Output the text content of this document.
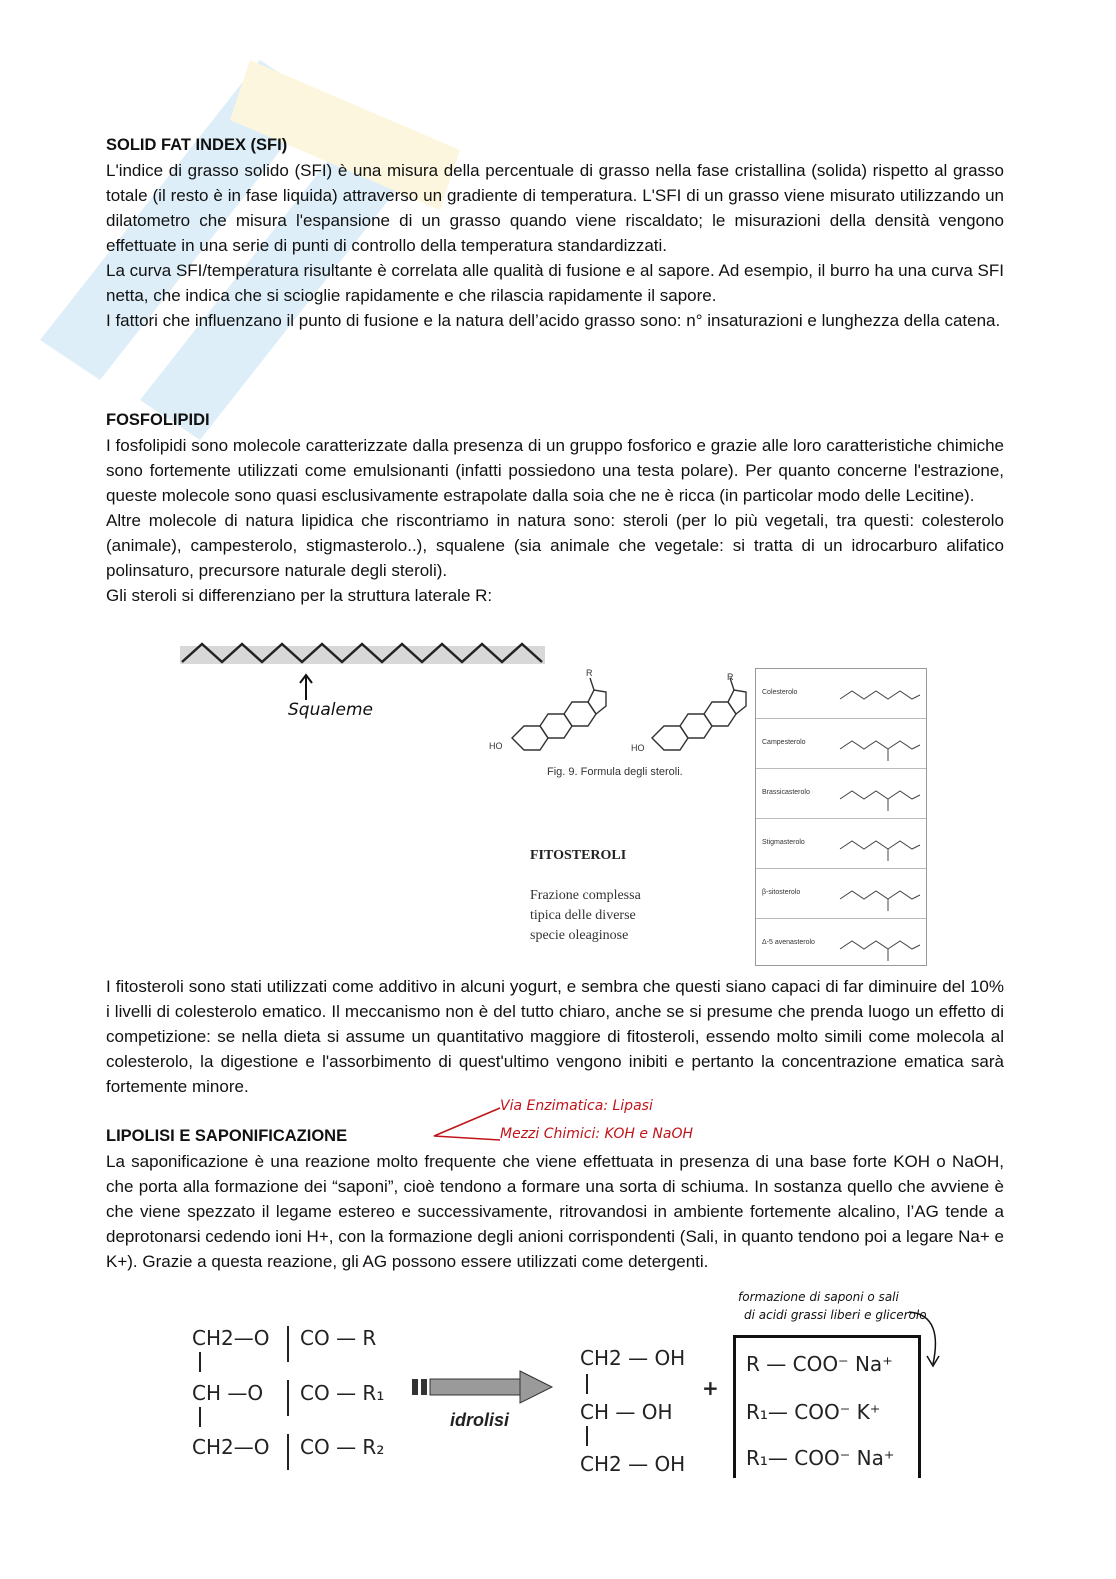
SOLID FAT INDEX (SFI)
L'indice di grasso solido (SFI) è una misura della percentuale di grasso nella fase cristallina (solida) rispetto al grasso totale (il resto è in fase liquida) attraverso un gradiente di temperatura. L'SFI di un grasso viene misurato utilizzando un dilatometro che misura l'espansione di un grasso quando viene riscaldato; le misurazioni della densità vengono effettuate in una serie di punti di controllo della temperatura standardizzati.
La curva SFI/temperatura risultante è correlata alle qualità di fusione e al sapore. Ad esempio, il burro ha una curva SFI netta, che indica che si scioglie rapidamente e che rilascia rapidamente il sapore.
I fattori che influenzano il punto di fusione e la natura dell’acido grasso sono: n° insaturazioni e lunghezza della catena.
FOSFOLIPIDI
I fosfolipidi sono molecole caratterizzate dalla presenza di un gruppo fosforico e grazie alle loro caratteristiche chimiche sono fortemente utilizzati come emulsionanti (infatti possiedono una testa polare). Per quanto concerne l'estrazione, queste molecole sono quasi esclusivamente estrapolate dalla soia che ne è ricca (in particolar modo delle Lecitine).
Altre molecole di natura lipidica che riscontriamo in natura sono: steroli (per lo più vegetali, tra questi: colesterolo (animale), campesterolo, stigmasterolo..), squalene (sia animale che vegetale: si tratta di un idrocarburo alifatico polinsaturo, precursore naturale degli steroli).
Gli steroli si differenziano per la struttura laterale R:
Squaleme
R	R
HO	HO
Fig. 9. Formula degli steroli.
FITOSTEROLI
Frazione complessa
tipica delle diverse
specie oleaginose
Colesterolo
Campesterolo
Brassicasterolo
Stigmasterolo
β-sitosterolo
Δ-5 avenasterolo
I fitosteroli sono stati utilizzati come additivo in alcuni yogurt, e sembra che questi siano capaci di far diminuire del 10% i livelli di colesterolo ematico. Il meccanismo non è del tutto chiaro, anche se si presume che prenda luogo un effetto di competizione: se nella dieta si assume un quantitativo maggiore di fitosteroli, essendo molto simili come molecola al colesterolo, la digestione e l'assorbimento di quest'ultimo vengono inibiti e pertanto la concentrazione ematica sarà fortemente minore.
LIPOLISI E SAPONIFICAZIONE
La saponificazione è una reazione molto frequente che viene effettuata in presenza di una base forte KOH o NaOH, che porta alla formazione dei “saponi”, cioè tendono a formare una sorta di schiuma. In sostanza quello che avviene è che viene spezzato il legame estereo e successivamente, ritrovandosi in ambiente fortemente alcalino, l’AG tende a deprotonarsi cedendo ioni H+, con la formazione degli anioni corrispondenti (Sali, in quanto tendono poi a legare Na+ e K+). Grazie a questa reazione, gli AG possono essere utilizzati come detergenti.
Via Enzimatica: Lipasi
Mezzi Chimici: KOH e NaOH
CH2—O
CH —O
CH2—O
CO — R
CO — R₁
CO — R₂
idrolisi
CH2 — OH
CH — OH
CH2 — OH
+
R — COO⁻ Na⁺
R₁— COO⁻ K⁺
R₁— COO⁻ Na⁺
formazione di saponi o sali
di acidi grassi liberi e glicerolo
